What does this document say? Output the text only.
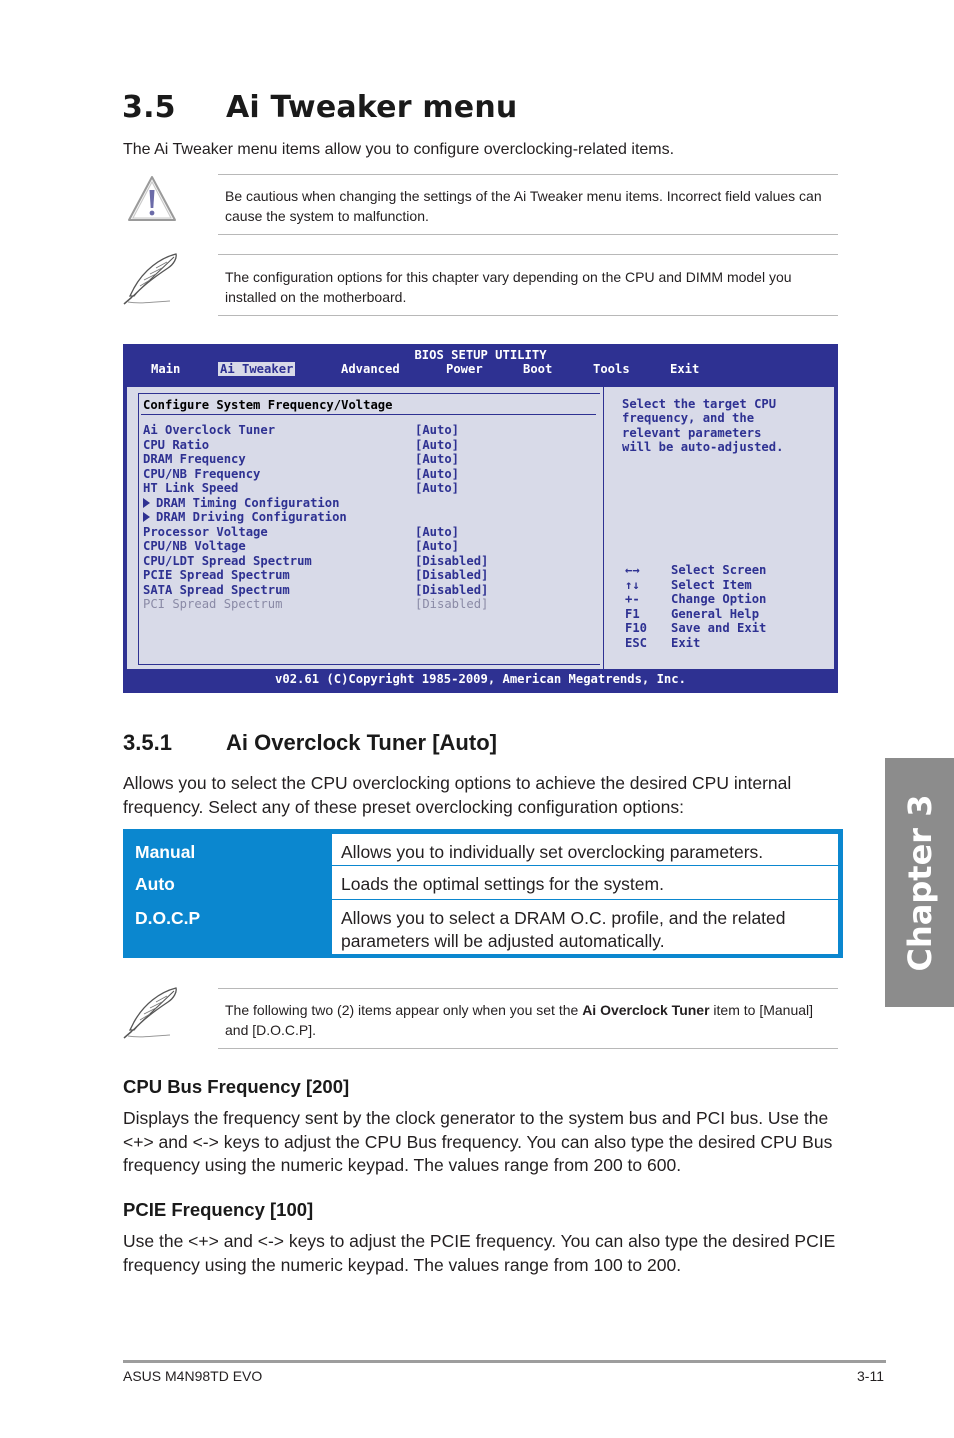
3.5 Ai Tweaker menu
The Ai Tweaker menu items allow you to configure overclocking-related items.
Be cautious when changing the settings of the Ai Tweaker menu items. Incorrect field values can cause the system to malfunction.
The configuration options for this chapter vary depending on the CPU and DIMM model you installed on the motherboard.
BIOS SETUP UTILITY
Main	Ai Tweaker	Advanced	Power	Boot	Tools	Exit
Configure System Frequency/Voltage
Ai Overclock Tuner	[Auto]
CPU Ratio	[Auto]
DRAM Frequency	[Auto]
CPU/NB Frequency	[Auto]
HT Link Speed	[Auto]
DRAM Timing Configuration
DRAM Driving Configuration
Processor Voltage	[Auto]
CPU/NB Voltage	[Auto]
CPU/LDT Spread Spectrum	[Disabled]
PCIE Spread Spectrum	[Disabled]
SATA Spread Spectrum	[Disabled]
PCI Spread Spectrum	[Disabled]
Select the target CPU
frequency, and the
relevant parameters
will be auto-adjusted.
←→	Select Screen
↑↓	Select Item
+-	Change Option
F1	General Help
F10 Save and Exit
ESC Exit
v02.61 (C)Copyright 1985-2009, American Megatrends, Inc.
3.5.1 Ai Overclock Tuner [Auto]
Allows you to select the CPU overclocking options to achieve the desired CPU internal frequency. Select any of these preset overclocking configuration options:
Manual	Allows you to individually set overclocking parameters.
Auto	Loads the optimal settings for the system.
D.O.C.P	Allows you to select a DRAM O.C. profile, and the related parameters will be adjusted automatically.
The following two (2) items appear only when you set the Ai Overclock Tuner item to [Manual] and [D.O.C.P].
CPU Bus Frequency [200]
Displays the frequency sent by the clock generator to the system bus and PCI bus. Use the <+> and <-> keys to adjust the CPU Bus frequency. You can also type the desired CPU Bus frequency using the numeric keypad. The values range from 200 to 600.
PCIE Frequency [100]
Use the <+> and <-> keys to adjust the PCIE frequency. You can also type the desired PCIE frequency using the numeric keypad. The values range from 100 to 200.
ASUS M4N98TD EVO	3-11
Chapter 3
